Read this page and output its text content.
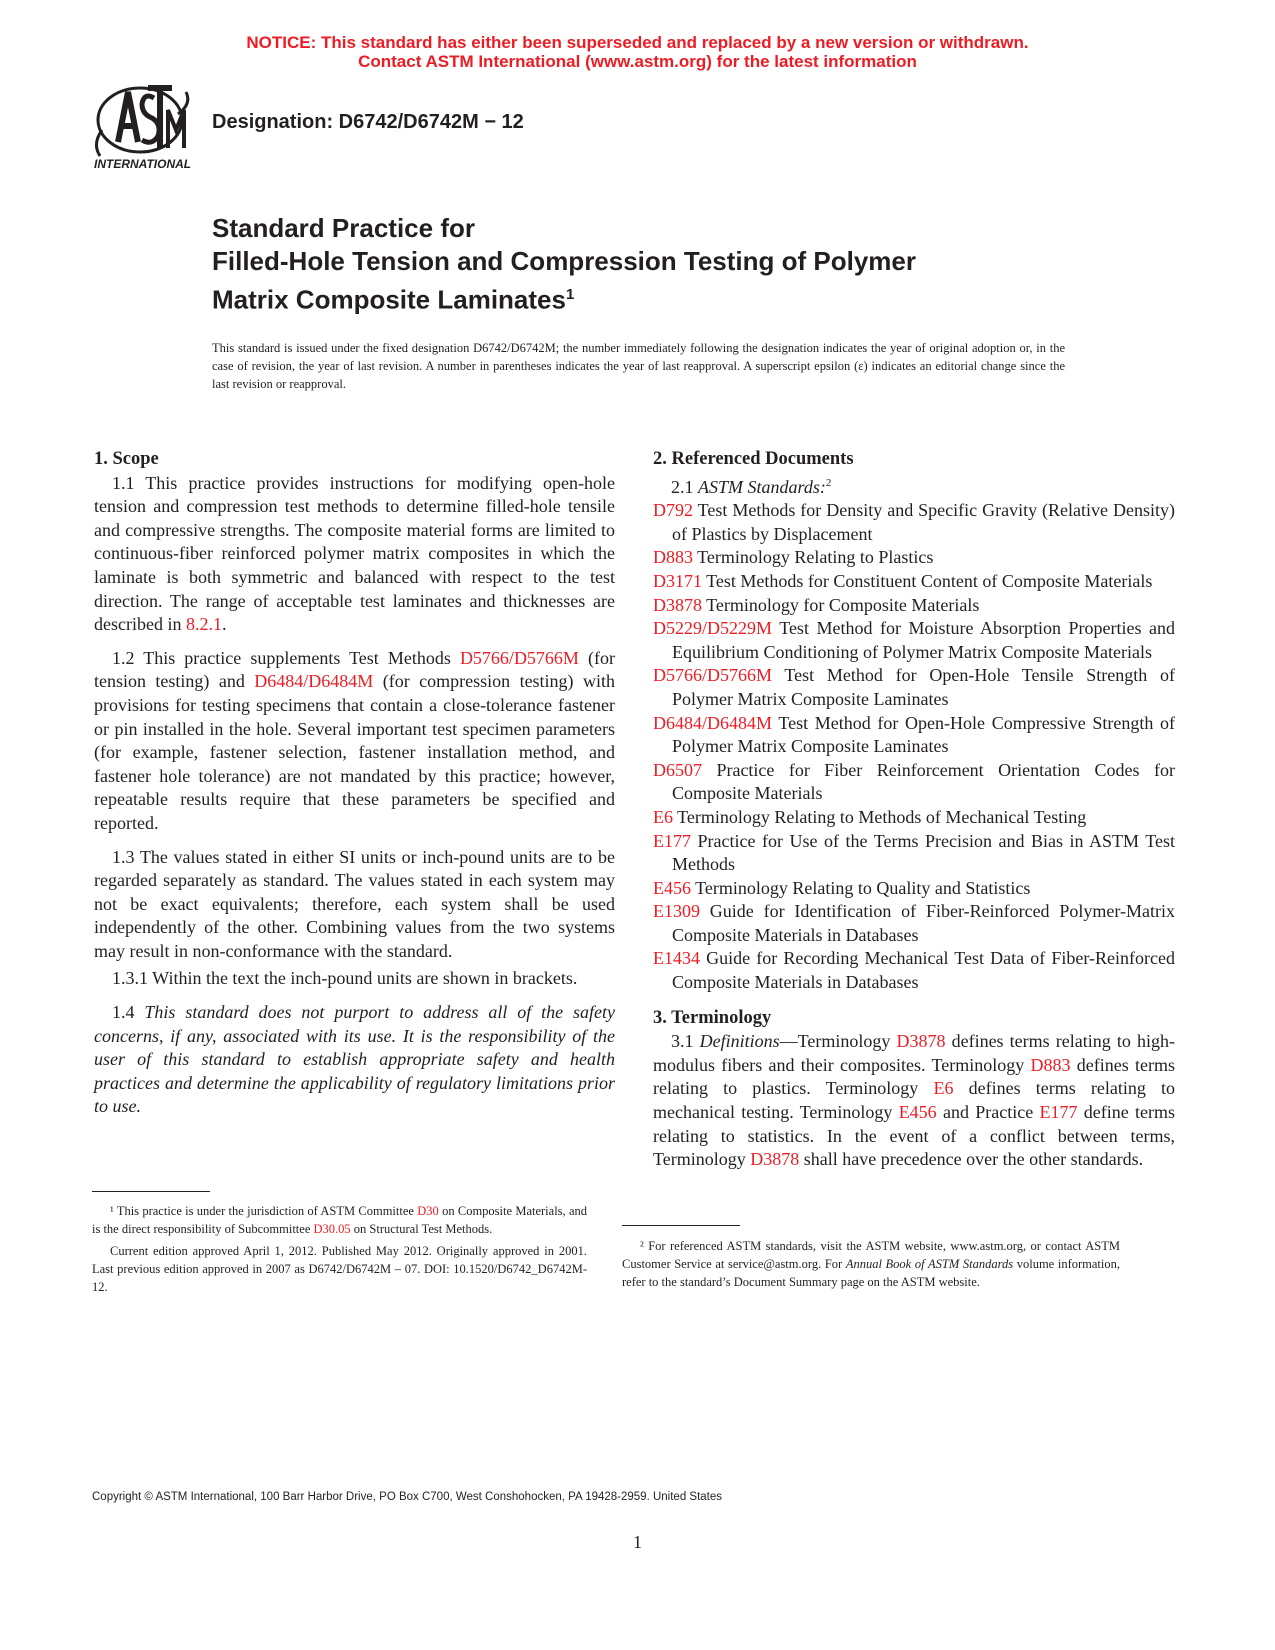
NOTICE: This standard has either been superseded and replaced by a new version or withdrawn.
Contact ASTM International (www.astm.org) for the latest information
INTERNATIONAL
Designation: D6742/D6742M − 12
Standard Practice for
Filled-Hole Tension and Compression Testing of Polymer
Matrix Composite Laminates$^1$
This standard is issued under the fixed designation D6742/D6742M; the number immediately following the designation indicates the year of original adoption or, in the case of revision, the year of last revision. A number in parentheses indicates the year of last reapproval. A superscript epsilon (ε) indicates an editorial change since the last revision or reapproval.

1. Scope

1.1 This practice provides instructions for modifying open-hole tension and compression test methods to determine filled-hole tensile and compressive strengths. The composite material forms are limited to continuous-fiber reinforced polymer matrix composites in which the laminate is both symmetric and balanced with respect to the test direction. The range of acceptable test laminates and thicknesses are described in 8.2.1.

1.2 This practice supplements Test Methods D5766/D5766M (for tension testing) and D6484/D6484M (for compression testing) with provisions for testing specimens that contain a close-tolerance fastener or pin installed in the hole. Several important test specimen parameters (for example, fastener selection, fastener installation method, and fastener hole tolerance) are not mandated by this practice; however, repeatable results require that these parameters be specified and reported.

1.3 The values stated in either SI units or inch-pound units are to be regarded separately as standard. The values stated in each system may not be exact equivalents; therefore, each system shall be used independently of the other. Combining values from the two systems may result in non-conformance with the standard.

1.3.1 Within the text the inch-pound units are shown in brackets.

1.4 This standard does not purport to address all of the safety concerns, if any, associated with its use. It is the responsibility of the user of this standard to establish appropriate safety and health practices and determine the applicability of regulatory limitations prior to use.

¹ This practice is under the jurisdiction of ASTM Committee D30 on Composite Materials, and is the direct responsibility of Subcommittee D30.05 on Structural Test Methods.

Current edition approved April 1, 2012. Published May 2012. Originally approved in 2001. Last previous edition approved in 2007 as D6742/D6742M – 07. DOI: 10.1520/D6742_D6742M-12.

2. Referenced Documents

2.1 ASTM Standards:$^2$

D792 Test Methods for Density and Specific Gravity (Relative Density) of Plastics by Displacement

D883 Terminology Relating to Plastics

D3171 Test Methods for Constituent Content of Composite Materials

D3878 Terminology for Composite Materials

D5229/D5229M Test Method for Moisture Absorption Properties and Equilibrium Conditioning of Polymer Matrix Composite Materials

D5766/D5766M Test Method for Open-Hole Tensile Strength of Polymer Matrix Composite Laminates

D6484/D6484M Test Method for Open-Hole Compressive Strength of Polymer Matrix Composite Laminates

D6507 Practice for Fiber Reinforcement Orientation Codes for Composite Materials

E6 Terminology Relating to Methods of Mechanical Testing

E177 Practice for Use of the Terms Precision and Bias in ASTM Test Methods

E456 Terminology Relating to Quality and Statistics

E1309 Guide for Identification of Fiber-Reinforced Polymer-Matrix Composite Materials in Databases

E1434 Guide for Recording Mechanical Test Data of Fiber-Reinforced Composite Materials in Databases

3. Terminology

3.1 Definitions—Terminology D3878 defines terms relating to high-modulus fibers and their composites. Terminology D883 defines terms relating to plastics. Terminology E6 defines terms relating to mechanical testing. Terminology E456 and Practice E177 define terms relating to statistics. In the event of a conflict between terms, Terminology D3878 shall have precedence over the other standards.

² For referenced ASTM standards, visit the ASTM website, www.astm.org, or contact ASTM Customer Service at service@astm.org. For Annual Book of ASTM Standards volume information, refer to the standard’s Document Summary page on the ASTM website.

Copyright © ASTM International, 100 Barr Harbor Drive, PO Box C700, West Conshohocken, PA 19428-2959. United States
1
